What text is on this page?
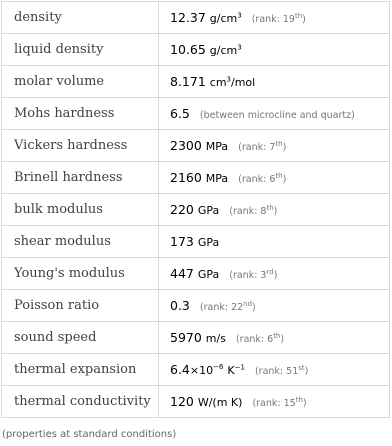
density	12.37 $g/cm^3$ (rank: 19th)
liquid density	10.65 $g/cm^3$
molar volume	8.171 $cm^3$/mol
Mohs hardness	6.5 (between microcline and quartz)
Vickers hardness	2300 MPa (rank: 7th)
Brinell hardness	2160 MPa (rank: 6th)
bulk modulus	220 GPa (rank: 8th)
shear modulus	173 GPa
Young's modulus	447 GPa (rank: 3rd)
Poisson ratio	0.3 (rank: 22nd)
sound speed	5970 m/s (rank: 6th)
thermal expansion	$6.4\times 10^{-6}$ $K^{-1}$ (rank: 51st)
thermal conductivity	120 W/(m K) (rank: 15th)
(properties at standard conditions)
